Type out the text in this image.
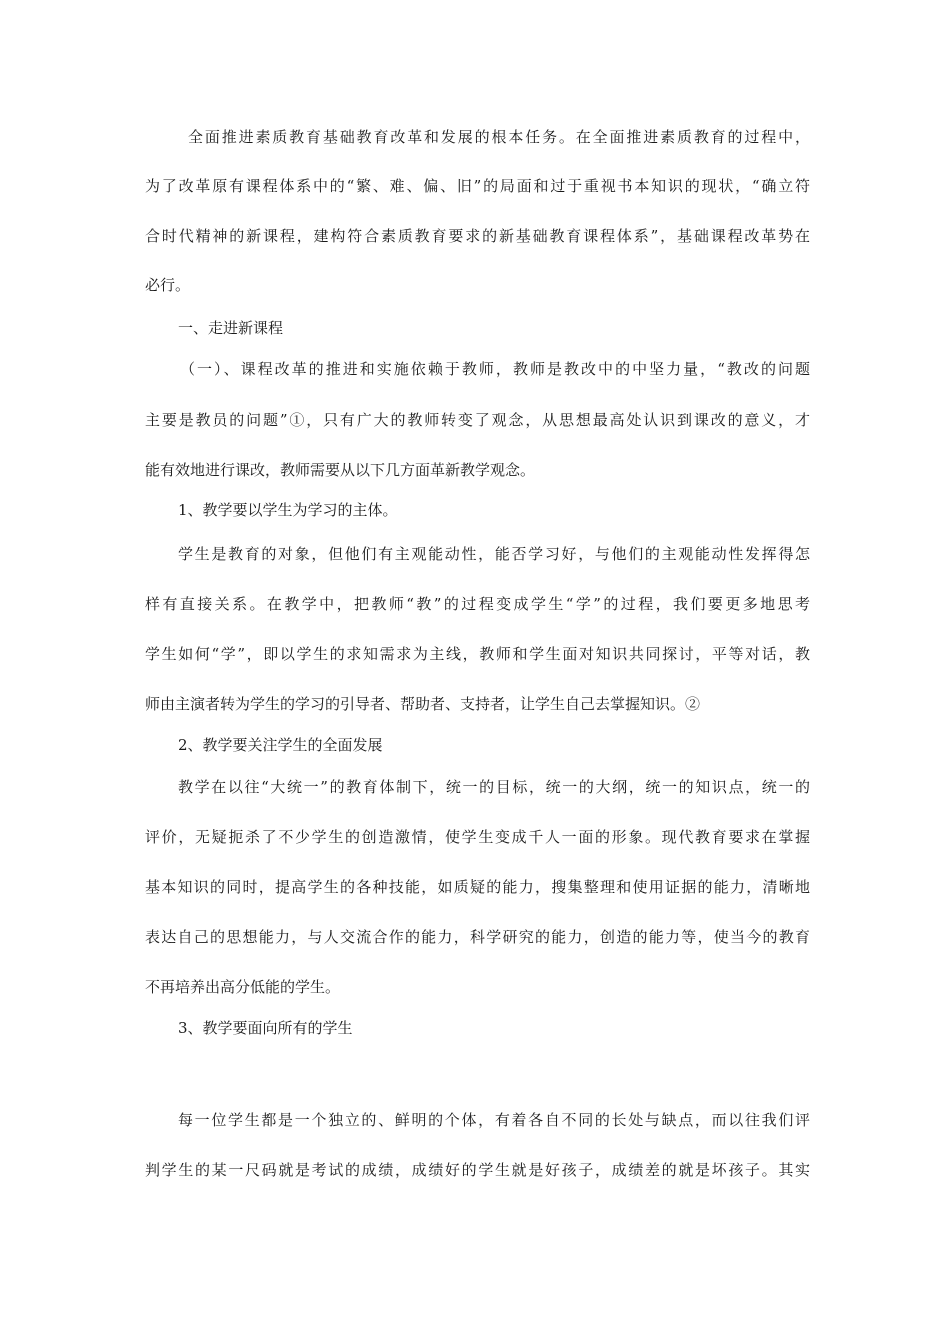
全面推进素质教育基础教育改革和发展的根本任务。在全面推进素质教育的过程中，
为了改革原有课程体系中的“繁、难、偏、旧”的局面和过于重视书本知识的现状，“确立符
合时代精神的新课程，建构符合素质教育要求的新基础教育课程体系”，基础课程改革势在
必行。
一、走进新课程
（一）、课程改革的推进和实施依赖于教师，教师是教改中的中坚力量，“教改的问题
主要是教员的问题”①，只有广大的教师转变了观念，从思想最高处认识到课改的意义，才
能有效地进行课改，教师需要从以下几方面革新教学观念。
1、教学要以学生为学习的主体。
学生是教育的对象，但他们有主观能动性，能否学习好，与他们的主观能动性发挥得怎
样有直接关系。在教学中，把教师“教”的过程变成学生“学”的过程，我们要更多地思考
学生如何“学”，即以学生的求知需求为主线，教师和学生面对知识共同探讨，平等对话，教
师由主演者转为学生的学习的引导者、帮助者、支持者，让学生自己去掌握知识。②
2、教学要关注学生的全面发展
教学在以往“大统一”的教育体制下，统一的目标，统一的大纲，统一的知识点，统一的
评价，无疑扼杀了不少学生的创造激情，使学生变成千人一面的形象。现代教育要求在掌握
基本知识的同时，提高学生的各种技能，如质疑的能力，搜集整理和使用证据的能力，清晰地
表达自己的思想能力，与人交流合作的能力，科学研究的能力，创造的能力等，使当今的教育
不再培养出高分低能的学生。
3、教学要面向所有的学生
每一位学生都是一个独立的、鲜明的个体，有着各自不同的长处与缺点，而以往我们评
判学生的某一尺码就是考试的成绩，成绩好的学生就是好孩子，成绩差的就是坏孩子。其实
